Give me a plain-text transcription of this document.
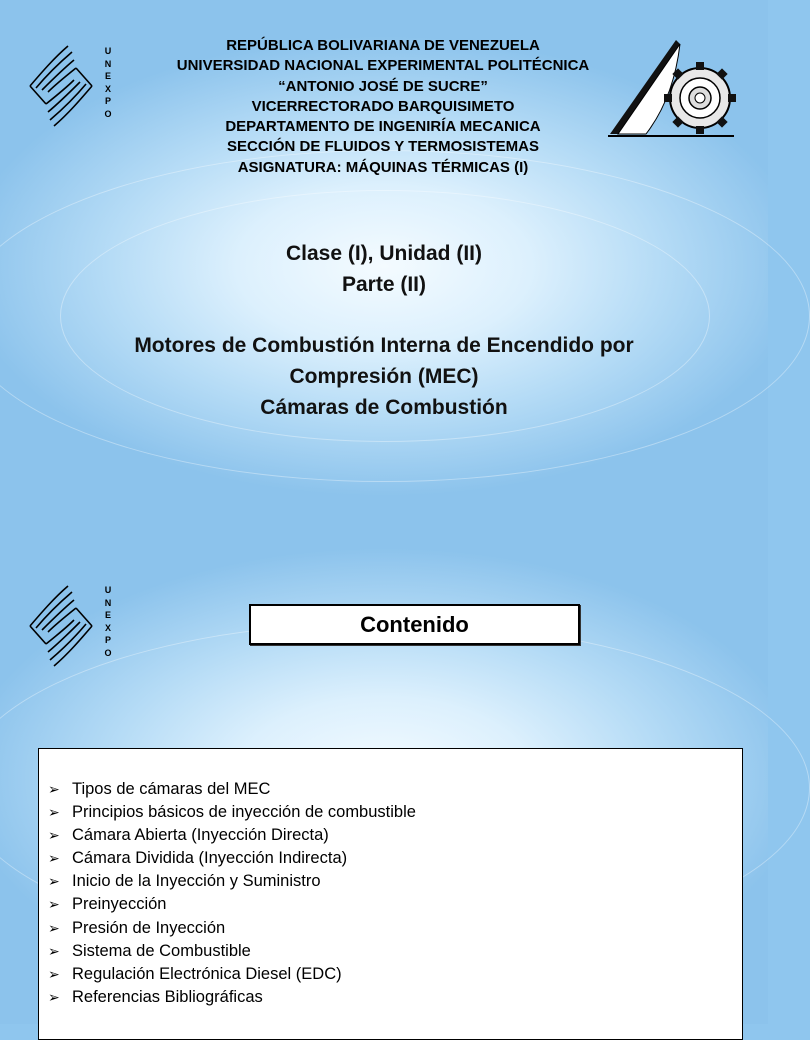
U
N
E
X
P
O
REPÚBLICA BOLIVARIANA DE VENEZUELA
UNIVERSIDAD NACIONAL EXPERIMENTAL POLITÉCNICA
“ANTONIO JOSÉ DE SUCRE”
VICERRECTORADO BARQUISIMETO
DEPARTAMENTO DE INGENIRÍA MECANICA
SECCIÓN DE FLUIDOS Y TERMOSISTEMAS
ASIGNATURA: MÁQUINAS TÉRMICAS (I)
Clase (I), Unidad (II)
Parte (II)
Motores de Combustión Interna de Encendido por
Compresión (MEC)
Cámaras de Combustión
U
N
E
X
P
O
Contenido
➢ Tipos de cámaras del MEC
➢ Principios básicos de inyección de combustible
➢ Cámara Abierta (Inyección Directa)
➢ Cámara Dividida (Inyección Indirecta)
➢ Inicio de la Inyección y Suministro
➢ Preinyección
➢ Presión de Inyección
➢ Sistema de Combustible
➢ Regulación Electrónica Diesel (EDC)
➢ Referencias Bibliográficas
